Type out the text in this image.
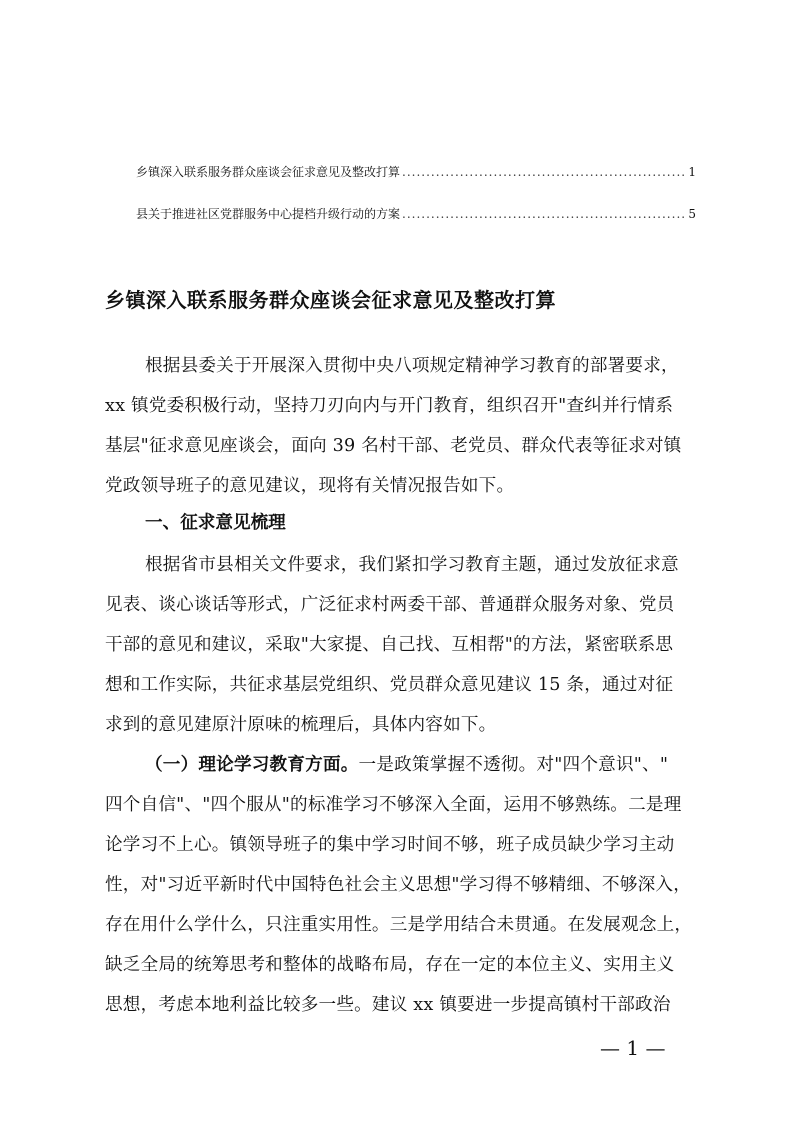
乡镇深入联系服务群众座谈会征求意见及整改打算 .....	1
县关于推进社区党群服务中心提档升级行动的方案 .....	5
乡镇深入联系服务群众座谈会征求意见及整改打算
根据县委关于开展深入贯彻中央八项规定精神学习教育的部署要求，
xx 镇党委积极行动，坚持刀刃向内与开门教育，组织召开"查纠并行情系
基层"征求意见座谈会，面向 39 名村干部、老党员、群众代表等征求对镇
党政领导班子的意见建议，现将有关情况报告如下。
一、征求意见梳理
根据省市县相关文件要求，我们紧扣学习教育主题，通过发放征求意
见表、谈心谈话等形式，广泛征求村两委干部、普通群众服务对象、党员
干部的意见和建议，采取"大家提、自己找、互相帮"的方法，紧密联系思
想和工作实际，共征求基层党组织、党员群众意见建议 15 条，通过对征
求到的意见建原汁原味的梳理后，具体内容如下。
（一）理论学习教育方面。一是政策掌握不透彻。对"四个意识"、"
四个自信"、"四个服从"的标准学习不够深入全面，运用不够熟练。二是理
论学习不上心。镇领导班子的集中学习时间不够，班子成员缺少学习主动
性，对"习近平新时代中国特色社会主义思想"学习得不够精细、不够深入，
存在用什么学什么，只注重实用性。三是学用结合未贯通。在发展观念上，
缺乏全局的统筹思考和整体的战略布局，存在一定的本位主义、实用主义
思想，考虑本地利益比较多一些。建议 xx 镇要进一步提高镇村干部政治
— 1 —
